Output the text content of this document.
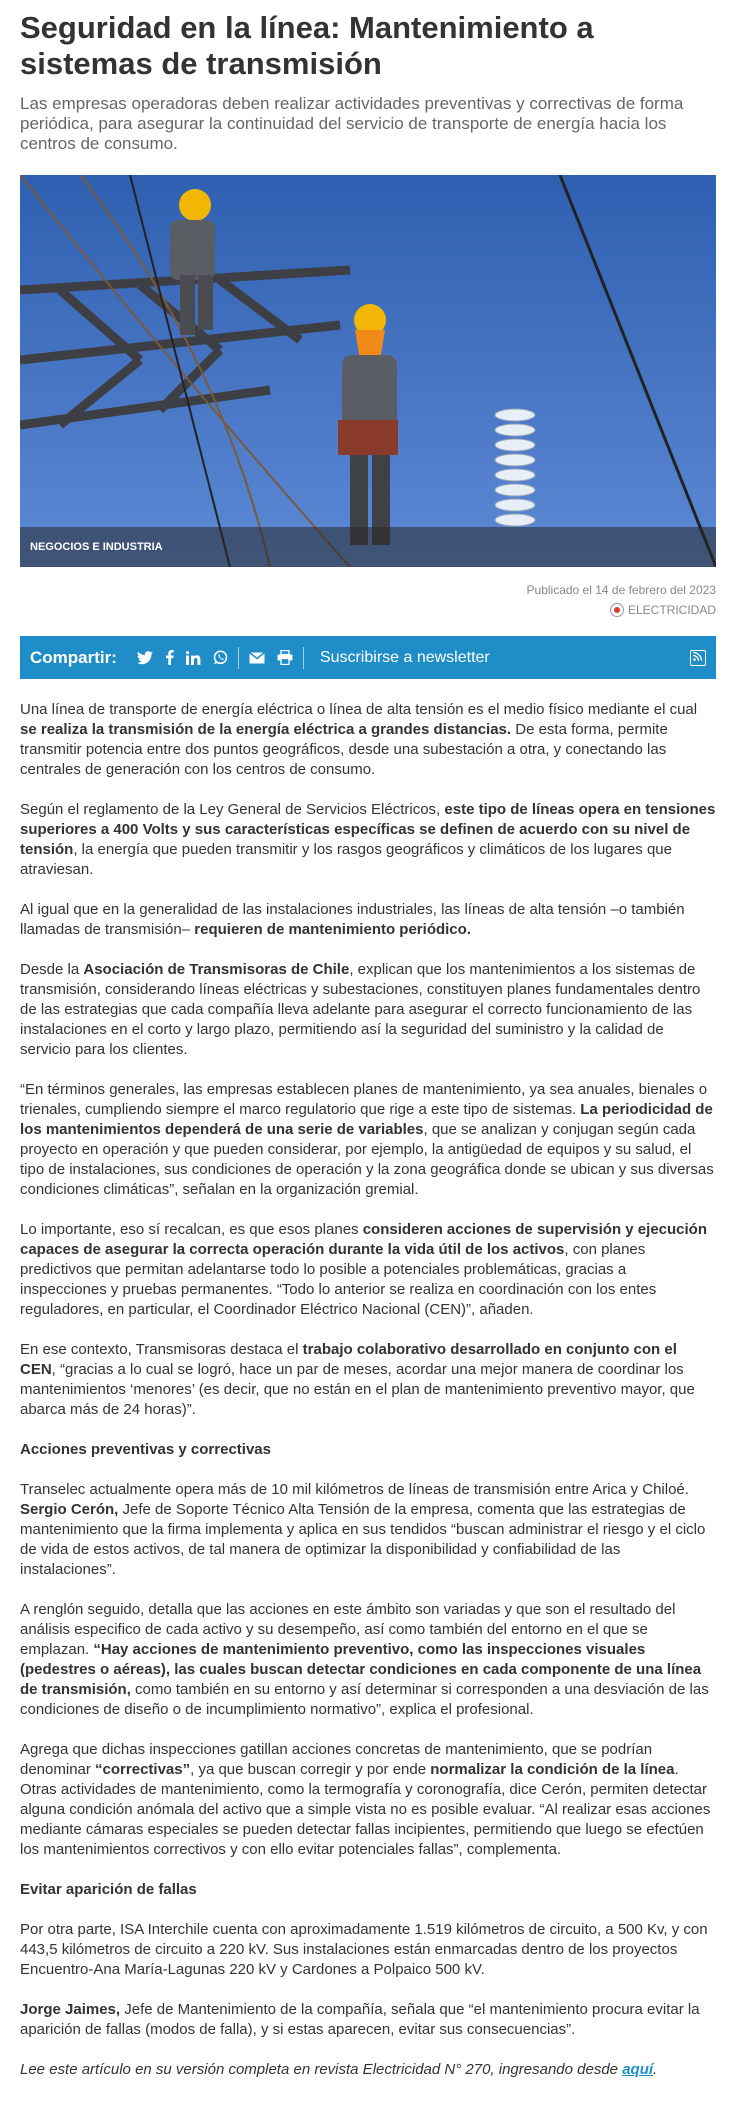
Seguridad en la línea: Mantenimiento a sistemas de transmisión

Las empresas operadoras deben realizar actividades preventivas y correctivas de forma periódica, para asegurar la continuidad del servicio de transporte de energía hacia los centros de consumo.

NEGOCIOS E INDUSTRIA
Publicado el 14 de febrero del 2023
ELECTRICIDAD
Compartir:	Suscribirse a newsletter

Una línea de transporte de energía eléctrica o línea de alta tensión es el medio físico mediante el cual se realiza la transmisión de la energía eléctrica a grandes distancias. De esta forma, permite transmitir potencia entre dos puntos geográficos, desde una subestación a otra, y conectando las centrales de generación con los centros de consumo.

Según el reglamento de la Ley General de Servicios Eléctricos, este tipo de líneas opera en tensiones superiores a 400 Volts y sus características específicas se definen de acuerdo con su nivel de tensión, la energía que pueden transmitir y los rasgos geográficos y climáticos de los lugares que atraviesan.

Al igual que en la generalidad de las instalaciones industriales, las líneas de alta tensión –o también llamadas de transmisión– requieren de mantenimiento periódico.

Desde la Asociación de Transmisoras de Chile, explican que los mantenimientos a los sistemas de transmisión, considerando líneas eléctricas y subestaciones, constituyen planes fundamentales dentro de las estrategias que cada compañía lleva adelante para asegurar el correcto funcionamiento de las instalaciones en el corto y largo plazo, permitiendo así la seguridad del suministro y la calidad de servicio para los clientes.

“En términos generales, las empresas establecen planes de mantenimiento, ya sea anuales, bienales o trienales, cumpliendo siempre el marco regulatorio que rige a este tipo de sistemas. La periodicidad de los mantenimientos dependerá de una serie de variables, que se analizan y conjugan según cada proyecto en operación y que pueden considerar, por ejemplo, la antigüedad de equipos y su salud, el tipo de instalaciones, sus condiciones de operación y la zona geográfica donde se ubican y sus diversas condiciones climáticas”, señalan en la organización gremial.

Lo importante, eso sí recalcan, es que esos planes consideren acciones de supervisión y ejecución capaces de asegurar la correcta operación durante la vida útil de los activos, con planes predictivos que permitan adelantarse todo lo posible a potenciales problemáticas, gracias a inspecciones y pruebas permanentes. “Todo lo anterior se realiza en coordinación con los entes reguladores, en particular, el Coordinador Eléctrico Nacional (CEN)”, añaden.

En ese contexto, Transmisoras destaca el trabajo colaborativo desarrollado en conjunto con el CEN, “gracias a lo cual se logró, hace un par de meses, acordar una mejor manera de coordinar los mantenimientos ‘menores’ (es decir, que no están en el plan de mantenimiento preventivo mayor, que abarca más de 24 horas)”.

Acciones preventivas y correctivas

Transelec actualmente opera más de 10 mil kilómetros de líneas de transmisión entre Arica y Chiloé. Sergio Cerón, Jefe de Soporte Técnico Alta Tensión de la empresa, comenta que las estrategias de mantenimiento que la firma implementa y aplica en sus tendidos “buscan administrar el riesgo y el ciclo de vida de estos activos, de tal manera de optimizar la disponibilidad y confiabilidad de las instalaciones”.

A renglón seguido, detalla que las acciones en este ámbito son variadas y que son el resultado del análisis especifico de cada activo y su desempeño, así como también del entorno en el que se emplazan. “Hay acciones de mantenimiento preventivo, como las inspecciones visuales (pedestres o aéreas), las cuales buscan detectar condiciones en cada componente de una línea de transmisión, como también en su entorno y así determinar si corresponden a una desviación de las condiciones de diseño o de incumplimiento normativo”, explica el profesional.

Agrega que dichas inspecciones gatillan acciones concretas de mantenimiento, que se podrían denominar “correctivas”, ya que buscan corregir y por ende normalizar la condición de la línea. Otras actividades de mantenimiento, como la termografía y coronografía, dice Cerón, permiten detectar alguna condición anómala del activo que a simple vista no es posible evaluar. “Al realizar esas acciones mediante cámaras especiales se pueden detectar fallas incipientes, permitiendo que luego se efectúen los mantenimientos correctivos y con ello evitar potenciales fallas”, complementa.

Evitar aparición de fallas

Por otra parte, ISA Interchile cuenta con aproximadamente 1.519 kilómetros de circuito, a 500 Kv, y con 443,5 kilómetros de circuito a 220 kV. Sus instalaciones están enmarcadas dentro de los proyectos Encuentro-Ana María-Lagunas 220 kV y Cardones a Polpaico 500 kV.

Jorge Jaimes, Jefe de Mantenimiento de la compañía, señala que “el mantenimiento procura evitar la aparición de fallas (modos de falla), y si estas aparecen, evitar sus consecuencias”.

Lee este artículo en su versión completa en revista Electricidad N° 270, ingresando desde aquí.
